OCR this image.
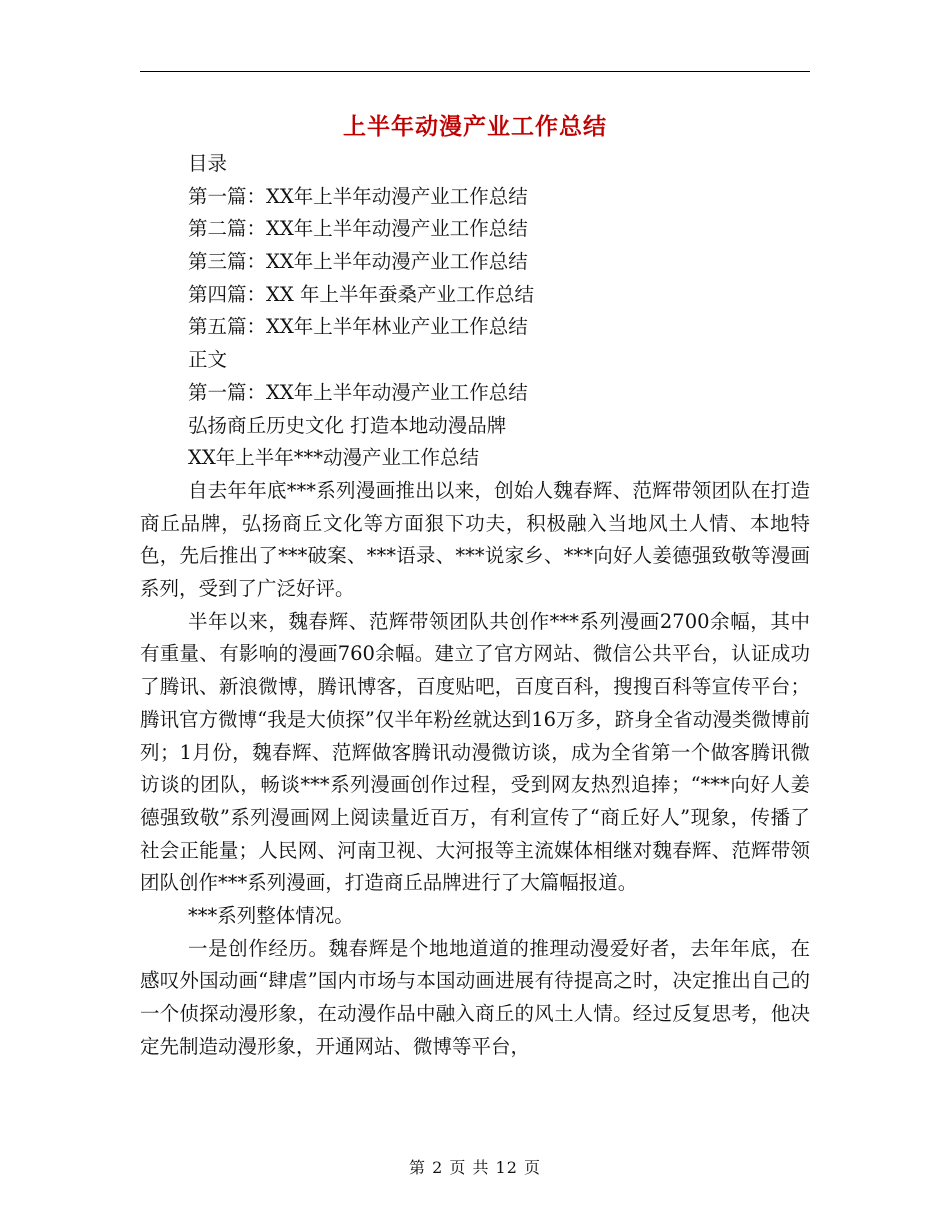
上半年动漫产业工作总结
目录
第一篇：XX年上半年动漫产业工作总结
第二篇：XX年上半年动漫产业工作总结
第三篇：XX年上半年动漫产业工作总结
第四篇：XX 年上半年蚕桑产业工作总结
第五篇：XX年上半年林业产业工作总结
正文
第一篇：XX年上半年动漫产业工作总结
弘扬商丘历史文化 打造本地动漫品牌
XX年上半年***动漫产业工作总结

自去年年底***系列漫画推出以来，创始人魏春辉、范辉带领团队在打造商丘品牌，弘扬商丘文化等方面狠下功夫，积极融入当地风土人情、本地特色，先后推出了***破案、***语录、***说家乡、***向好人姜德强致敬等漫画系列，受到了广泛好评。

半年以来，魏春辉、范辉带领团队共创作***系列漫画2700余幅，其中有重量、有影响的漫画760余幅。建立了官方网站、微信公共平台，认证成功了腾讯、新浪微博，腾讯博客，百度贴吧，百度百科，搜搜百科等宣传平台；腾讯官方微博“我是大侦探”仅半年粉丝就达到16万多，跻身全省动漫类微博前列；1月份，魏春辉、范辉做客腾讯动漫微访谈，成为全省第一个做客腾讯微访谈的团队，畅谈***系列漫画创作过程，受到网友热烈追捧；“***向好人姜德强致敬”系列漫画网上阅读量近百万，有利宣传了“商丘好人”现象，传播了社会正能量；人民网、河南卫视、大河报等主流媒体相继对魏春辉、范辉带领团队创作***系列漫画，打造商丘品牌进行了大篇幅报道。

***系列整体情况。

一是创作经历。魏春辉是个地地道道的推理动漫爱好者，去年年底，在感叹外国动画“肆虐”国内市场与本国动画进展有待提高之时，决定推出自己的一个侦探动漫形象，在动漫作品中融入商丘的风土人情。经过反复思考，他决定先制造动漫形象，开通网站、微博等平台，

第 2 页 共 12 页
